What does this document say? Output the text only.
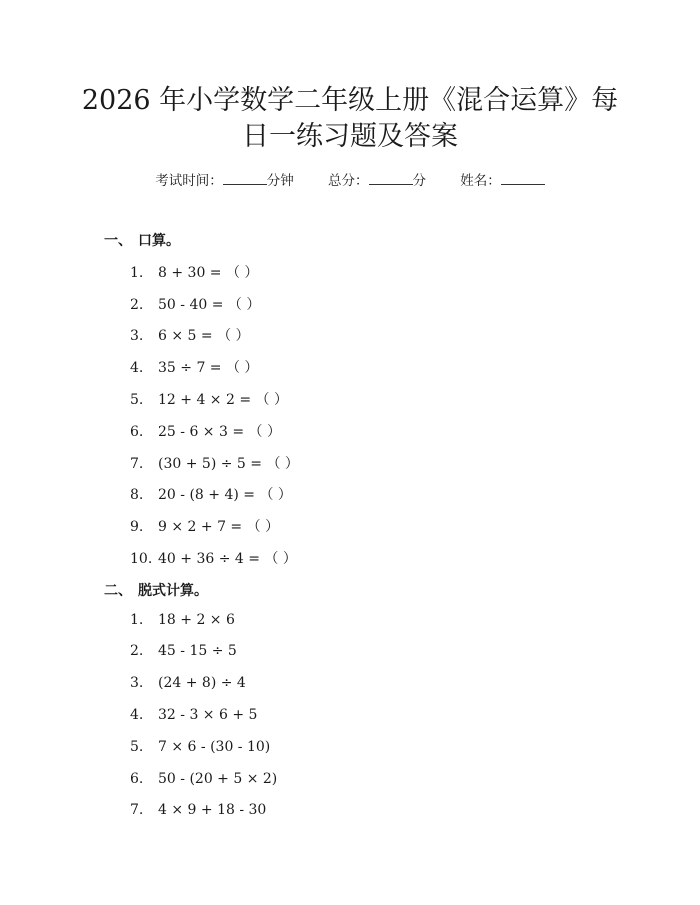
2026 年小学数学二年级上册《混合运算》每
日一练习题及答案
考试时间：	分钟	总分：	分	姓名：
一、 口算。
1. 8 + 30 = （ ）
2. 50 - 40 = （ ）
3. 6 × 5 = （ ）
4. 35 ÷ 7 = （ ）
5. 12 + 4 × 2 = （ ）
6. 25 - 6 × 3 = （ ）
7. (30 + 5) ÷ 5 = （ ）
8. 20 - (8 + 4) = （ ）
9. 9 × 2 + 7 = （ ）
10. 40 + 36 ÷ 4 = （ ）
二、 脱式计算。
1. 18 + 2 × 6
2. 45 - 15 ÷ 5
3. (24 + 8) ÷ 4
4. 32 - 3 × 6 + 5
5. 7 × 6 - (30 - 10)
6. 50 - (20 + 5 × 2)
7. 4 × 9 + 18 - 30
